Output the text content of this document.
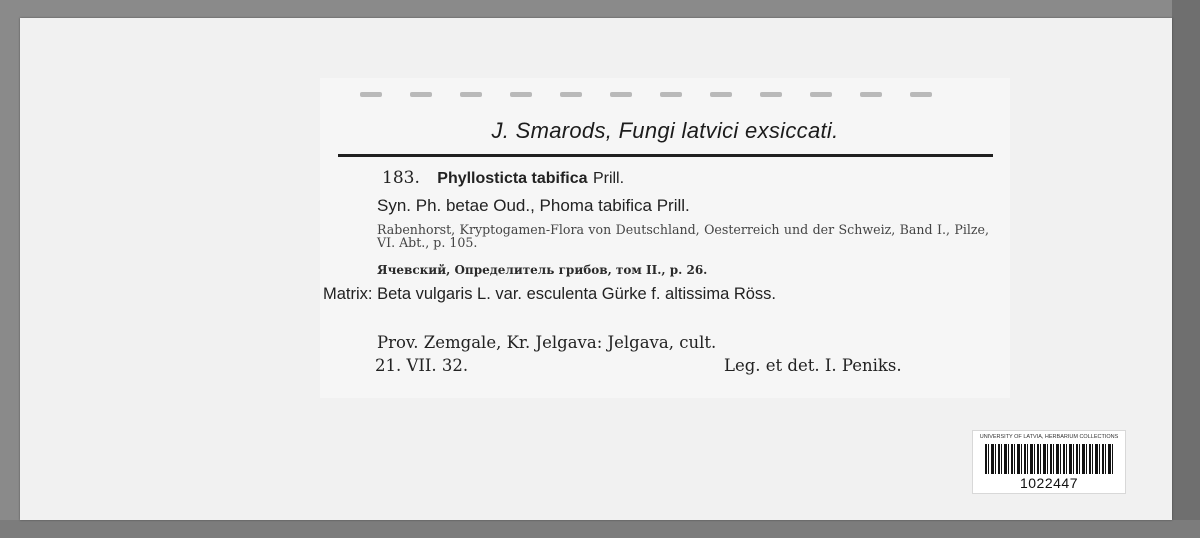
J. Smarods, Fungi latvici exsiccati.
183. Phyllosticta tabifica Prill.
Syn. Ph. betae Oud., Phoma tabifica Prill.
Rabenhorst, Kryptogamen-Flora von Deutschland, Oesterreich und der Schweiz, Band I., Pilze, VI. Abt., p. 105.
Ячевский, Определитель грибов, том II., p. 26.
Matrix: Beta vulgaris L. var. esculenta Gürke f. altissima Röss.
Prov. Zemgale, Kr. Jelgava: Jelgava, cult.
21. VII. 32.	Leg. et det. I. Peniks.
UNIVERSITY OF LATVIA, HERBARIUM COLLECTIONS
1022447
